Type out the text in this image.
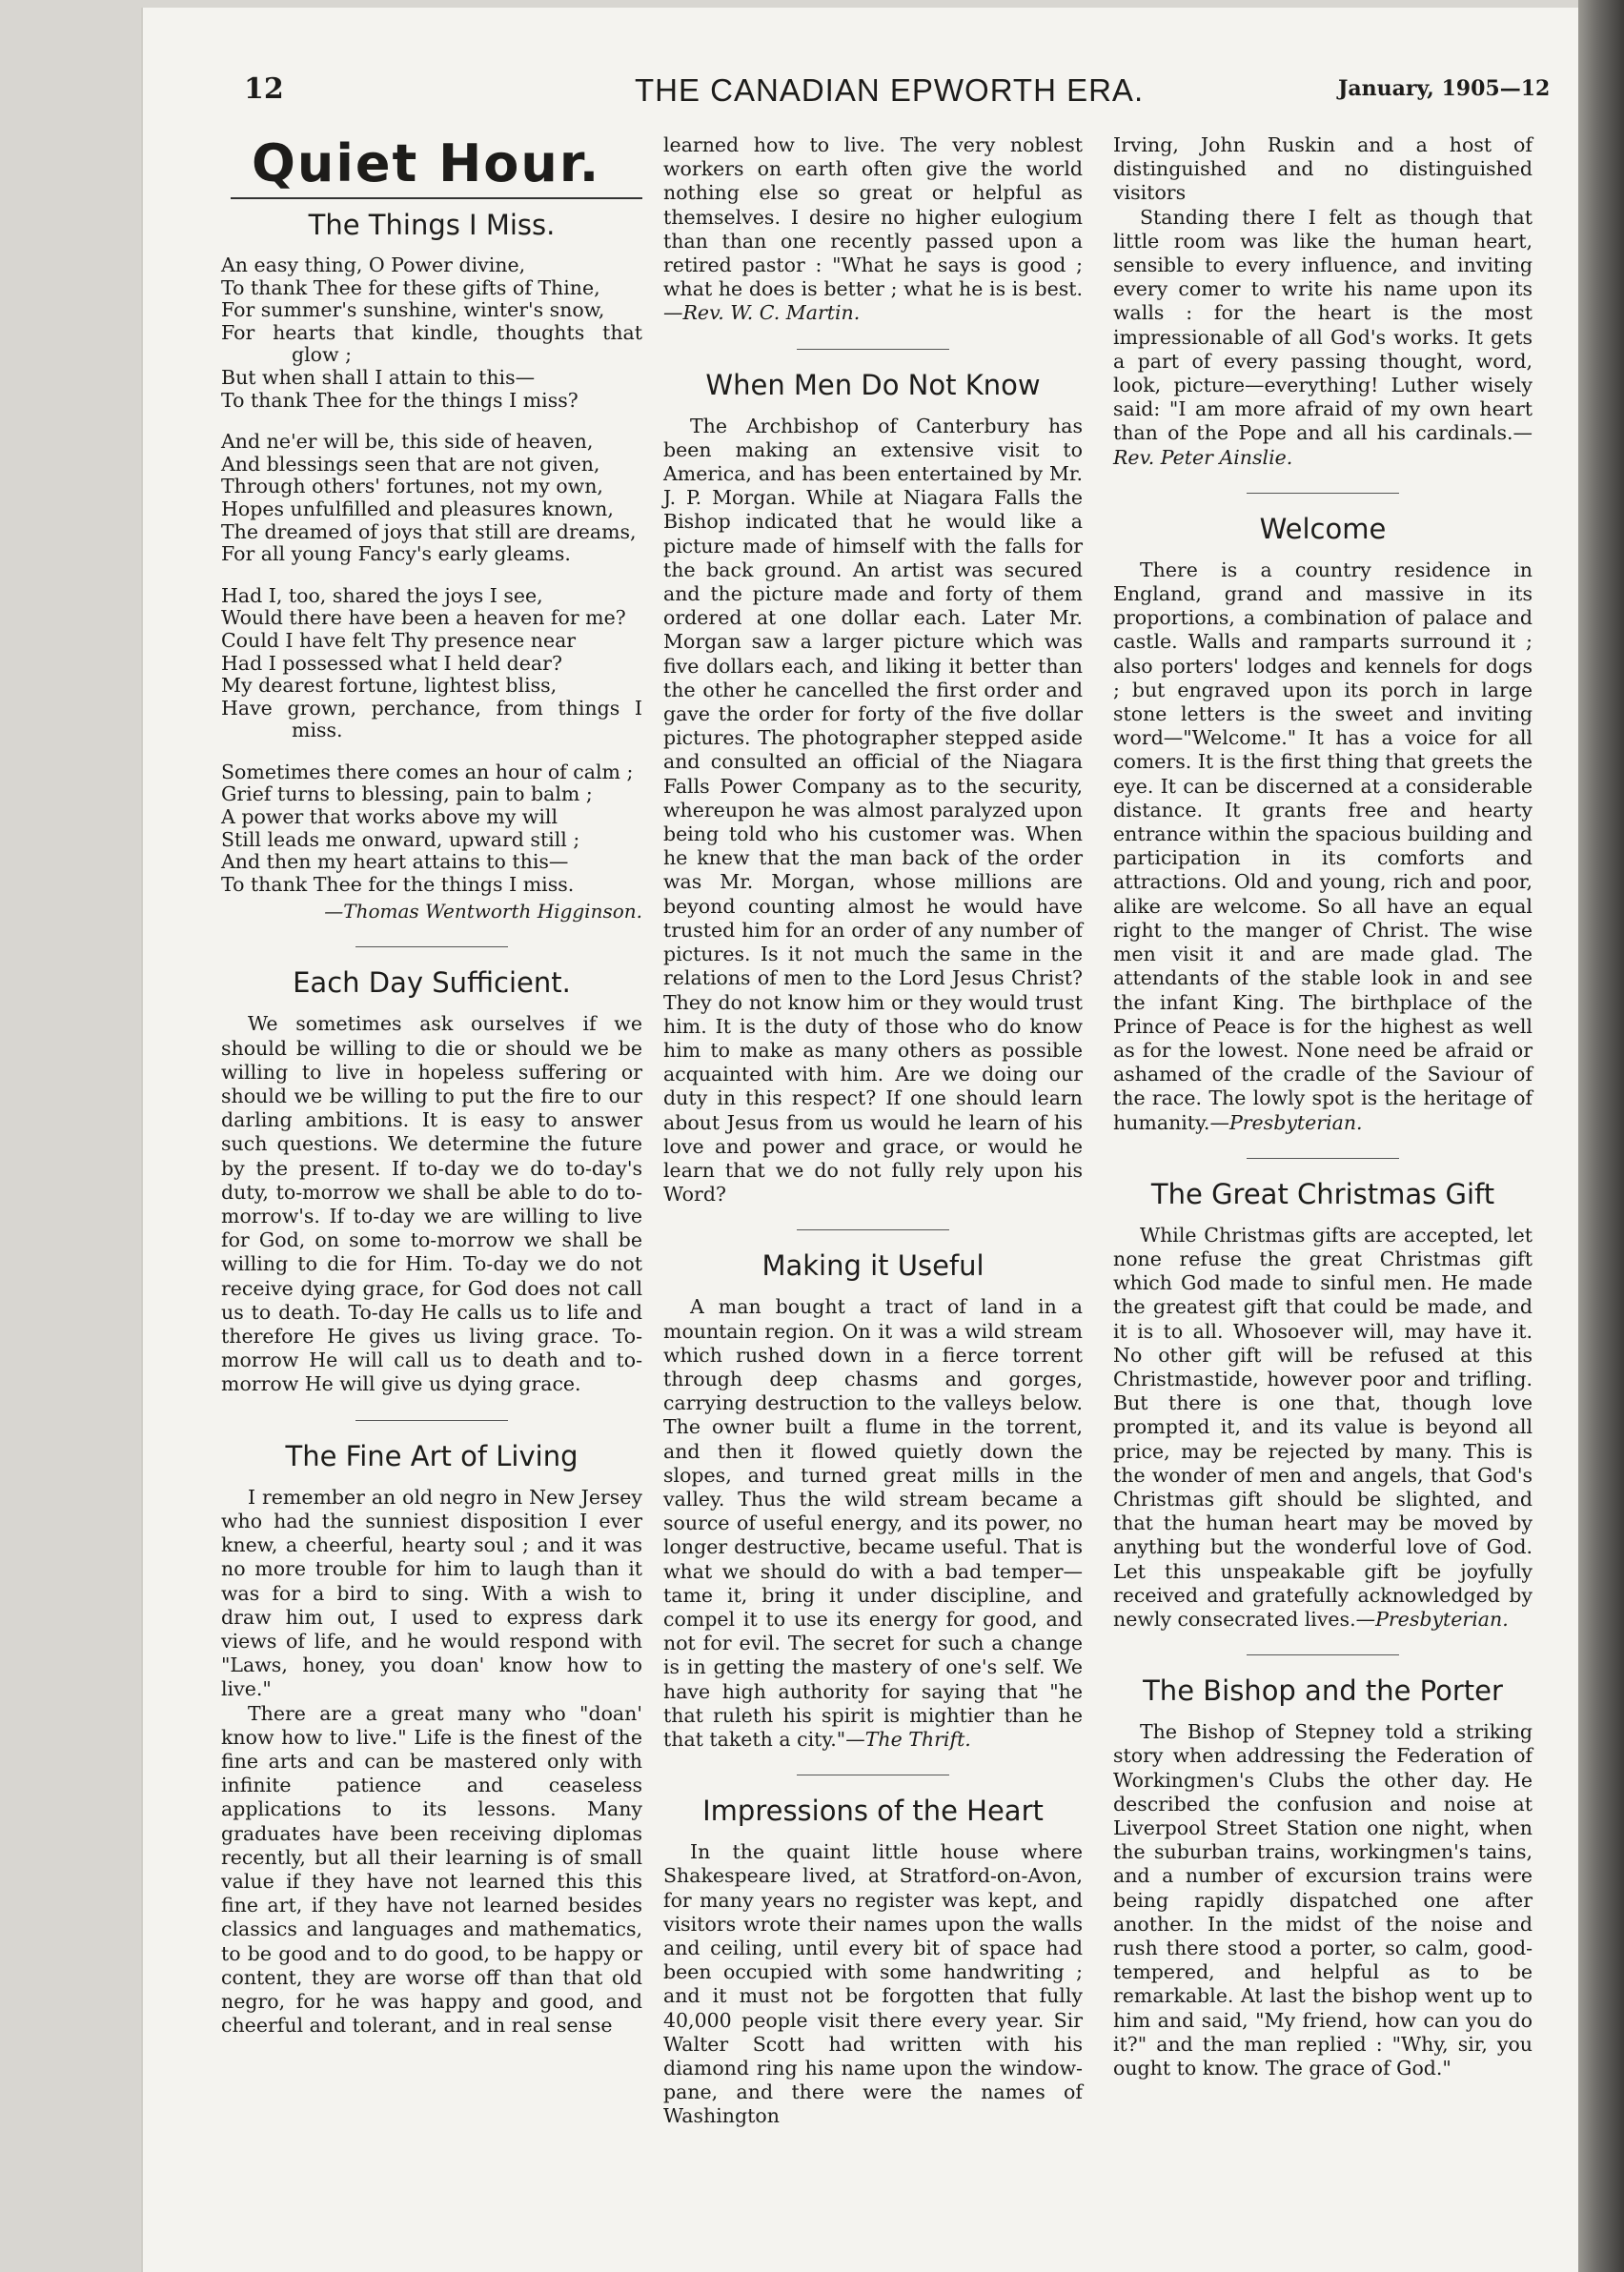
12	THE CANADIAN EPWORTH ERA.	January, 1905—12
Quiet Hour.
The Things I Miss.
An easy thing, O Power divine,
To thank Thee for these gifts of Thine,
For summer's sunshine, winter's snow,
For hearts that kindle, thoughts that
glow ;
But when shall I attain to this—
To thank Thee for the things I miss?
And ne'er will be, this side of heaven,
And blessings seen that are not given,
Through others' fortunes, not my own,
Hopes unfulfilled and pleasures known,
The dreamed of joys that still are dreams,
For all young Fancy's early gleams.
Had I, too, shared the joys I see,
Would there have been a heaven for me?
Could I have felt Thy presence near
Had I possessed what I held dear?
My dearest fortune, lightest bliss,
Have grown, perchance, from things I
miss.
Sometimes there comes an hour of calm ;
Grief turns to blessing, pain to balm ;
A power that works above my will
Still leads me onward, upward still ;
And then my heart attains to this—
To thank Thee for the things I miss.
—Thomas Wentworth Higginson.
Each Day Sufficient.

We sometimes ask ourselves if we should be willing to die or should we be willing to live in hopeless suffering or should we be willing to put the fire to our darling ambitions. It is easy to answer such questions. We determine the future by the present. If to-day we do to-day's duty, to-morrow we shall be able to do to-morrow's. If to-day we are willing to live for God, on some to-morrow we shall be willing to die for Him. To-day we do not receive dying grace, for God does not call us to death. To-day He calls us to life and therefore He gives us living grace. To-morrow He will call us to death and to-morrow He will give us dying grace.

The Fine Art of Living

I remember an old negro in New Jersey who had the sunniest disposition I ever knew, a cheerful, hearty soul ; and it was no more trouble for him to laugh than it was for a bird to sing. With a wish to draw him out, I used to express dark views of life, and he would respond with "Laws, honey, you doan' know how to live."

There are a great many who "doan' know how to live." Life is the finest of the fine arts and can be mastered only with infinite patience and ceaseless applications to its lessons. Many graduates have been receiving diplomas recently, but all their learning is of small value if they have not learned this this fine art, if they have not learned besides classics and languages and mathematics, to be good and to do good, to be happy or content, they are worse off than that old negro, for he was happy and good, and cheerful and tolerant, and in real sense

learned how to live. The very noblest workers on earth often give the world nothing else so great or helpful as themselves. I desire no higher eulogium than than one recently passed upon a retired pastor : "What he says is good ; what he does is better ; what he is is best.—Rev. W. C. Martin.

When Men Do Not Know

The Archbishop of Canterbury has been making an extensive visit to America, and has been entertained by Mr. J. P. Morgan. While at Niagara Falls the Bishop indicated that he would like a picture made of himself with the falls for the back ground. An artist was secured and the picture made and forty of them ordered at one dollar each. Later Mr. Morgan saw a larger picture which was five dollars each, and liking it better than the other he cancelled the first order and gave the order for forty of the five dollar pictures. The photographer stepped aside and consulted an official of the Niagara Falls Power Company as to the security, whereupon he was almost paralyzed upon being told who his customer was. When he knew that the man back of the order was Mr. Morgan, whose millions are beyond counting almost he would have trusted him for an order of any number of pictures. Is it not much the same in the relations of men to the Lord Jesus Christ? They do not know him or they would trust him. It is the duty of those who do know him to make as many others as possible acquainted with him. Are we doing our duty in this respect? If one should learn about Jesus from us would he learn of his love and power and grace, or would he learn that we do not fully rely upon his Word?

Making it Useful

A man bought a tract of land in a mountain region. On it was a wild stream which rushed down in a fierce torrent through deep chasms and gorges, carrying destruction to the valleys below. The owner built a flume in the torrent, and then it flowed quietly down the slopes, and turned great mills in the valley. Thus the wild stream became a source of useful energy, and its power, no longer destructive, became useful. That is what we should do with a bad temper—tame it, bring it under discipline, and compel it to use its energy for good, and not for evil. The secret for such a change is in getting the mastery of one's self. We have high authority for saying that "he that ruleth his spirit is mightier than he that taketh a city."—The Thrift.

Impressions of the Heart

In the quaint little house where Shakespeare lived, at Stratford-on-Avon, for many years no register was kept, and visitors wrote their names upon the walls and ceiling, until every bit of space had been occupied with some handwriting ; and it must not be forgotten that fully 40,000 people visit there every year. Sir Walter Scott had written with his diamond ring his name upon the window-pane, and there were the names of Washington

Irving, John Ruskin and a host of distinguished and no distinguished visitors

Standing there I felt as though that little room was like the human heart, sensible to every influence, and inviting every comer to write his name upon its walls : for the heart is the most impressionable of all God's works. It gets a part of every passing thought, word, look, picture—everything! Luther wisely said: "I am more afraid of my own heart than of the Pope and all his cardinals.—Rev. Peter Ainslie.

Welcome

There is a country residence in England, grand and massive in its proportions, a combination of palace and castle. Walls and ramparts surround it ; also porters' lodges and kennels for dogs ; but engraved upon its porch in large stone letters is the sweet and inviting word—"Welcome." It has a voice for all comers. It is the first thing that greets the eye. It can be discerned at a considerable distance. It grants free and hearty entrance within the spacious building and participation in its comforts and attractions. Old and young, rich and poor, alike are welcome. So all have an equal right to the manger of Christ. The wise men visit it and are made glad. The attendants of the stable look in and see the infant King. The birthplace of the Prince of Peace is for the highest as well as for the lowest. None need be afraid or ashamed of the cradle of the Saviour of the race. The lowly spot is the heritage of humanity.—Presbyterian.

The Great Christmas Gift

While Christmas gifts are accepted, let none refuse the great Christmas gift which God made to sinful men. He made the greatest gift that could be made, and it is to all. Whosoever will, may have it. No other gift will be refused at this Christmastide, however poor and trifling. But there is one that, though love prompted it, and its value is beyond all price, may be rejected by many. This is the wonder of men and angels, that God's Christmas gift should be slighted, and that the human heart may be moved by anything but the wonderful love of God. Let this unspeakable gift be joyfully received and gratefully acknowledged by newly consecrated lives.—Presbyterian.

The Bishop and the Porter

The Bishop of Stepney told a striking story when addressing the Federation of Workingmen's Clubs the other day. He described the confusion and noise at Liverpool Street Station one night, when the suburban trains, workingmen's tains, and a number of excursion trains were being rapidly dispatched one after another. In the midst of the noise and rush there stood a porter, so calm, good-tempered, and helpful as to be remarkable. At last the bishop went up to him and said, "My friend, how can you do it?" and the man replied : "Why, sir, you ought to know. The grace of God."
